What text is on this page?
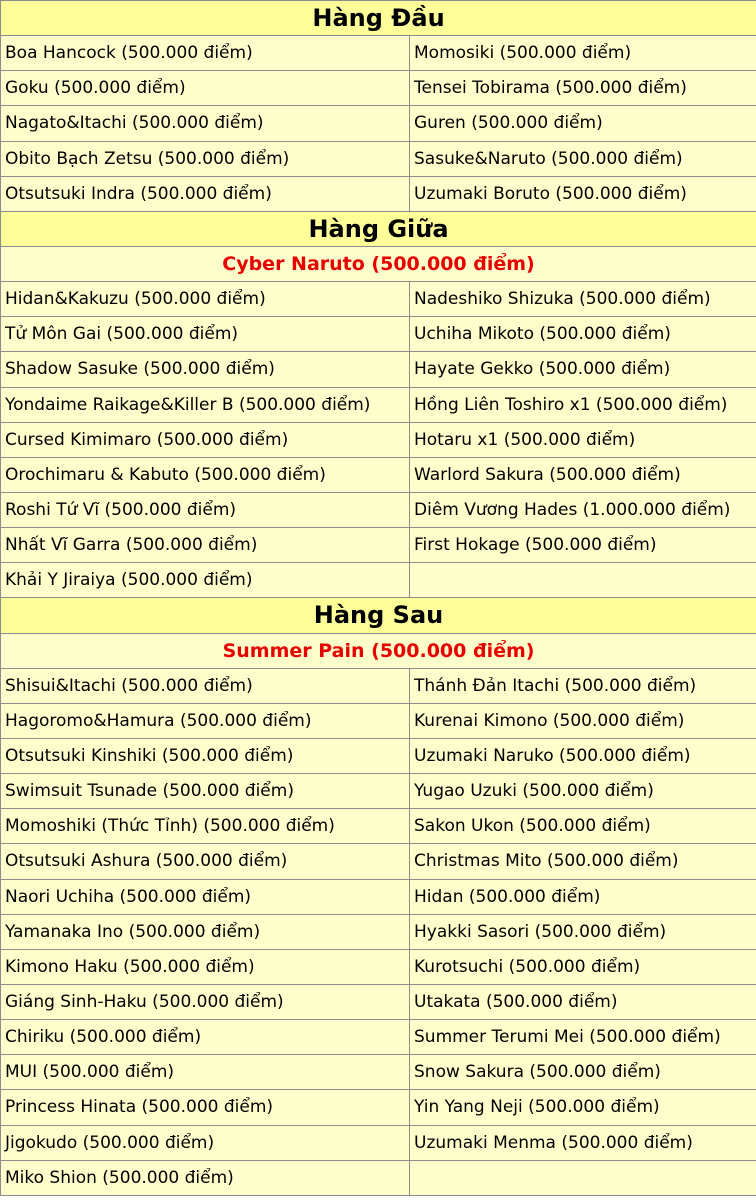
Hàng Đầu	
Boa Hancock (500.000 điểm)	Momosiki (500.000 điểm)
Goku (500.000 điểm)	Tensei Tobirama (500.000 điểm)
Nagato&Itachi (500.000 điểm)	Guren (500.000 điểm)
Obito Bạch Zetsu (500.000 điểm)	Sasuke&Naruto (500.000 điểm)
Otsutsuki Indra (500.000 điểm)	Uzumaki Boruto (500.000 điểm)
Hàng Giữa	
Cyber Naruto (500.000 điểm)	
Hidan&Kakuzu (500.000 điểm)	Nadeshiko Shizuka (500.000 điểm)
Tử Môn Gai (500.000 điểm)	Uchiha Mikoto (500.000 điểm)
Shadow Sasuke (500.000 điểm)	Hayate Gekko (500.000 điểm)
Yondaime Raikage&Killer B (500.000 điểm)	Hồng Liên Toshiro x1 (500.000 điểm)
Cursed Kimimaro (500.000 điểm)	Hotaru x1 (500.000 điểm)
Orochimaru & Kabuto (500.000 điểm)	Warlord Sakura (500.000 điểm)
Roshi Tứ Vĩ (500.000 điểm)	Diêm Vương Hades (1.000.000 điểm)
Nhất Vĩ Garra (500.000 điểm)	First Hokage (500.000 điểm)
Khải Y Jiraiya (500.000 điểm)	
Hàng Sau	
Summer Pain (500.000 điểm)	
Shisui&Itachi (500.000 điểm)	Thánh Đản Itachi (500.000 điểm)
Hagoromo&Hamura (500.000 điểm)	Kurenai Kimono (500.000 điểm)
Otsutsuki Kinshiki (500.000 điểm)	Uzumaki Naruko (500.000 điểm)
Swimsuit Tsunade (500.000 điểm)	Yugao Uzuki (500.000 điểm)
Momoshiki (Thức Tỉnh) (500.000 điểm)	Sakon Ukon (500.000 điểm)
Otsutsuki Ashura (500.000 điểm)	Christmas Mito (500.000 điểm)
Naori Uchiha (500.000 điểm)	Hidan (500.000 điểm)
Yamanaka Ino (500.000 điểm)	Hyakki Sasori (500.000 điểm)
Kimono Haku (500.000 điểm)	Kurotsuchi (500.000 điểm)
Giáng Sinh-Haku (500.000 điểm)	Utakata (500.000 điểm)
Chiriku (500.000 điểm)	Summer Terumi Mei (500.000 điểm)
MUI (500.000 điểm)	Snow Sakura (500.000 điểm)
Princess Hinata (500.000 điểm)	Yin Yang Neji (500.000 điểm)
Jigokudo (500.000 điểm)	Uzumaki Menma (500.000 điểm)
Miko Shion (500.000 điểm)	
